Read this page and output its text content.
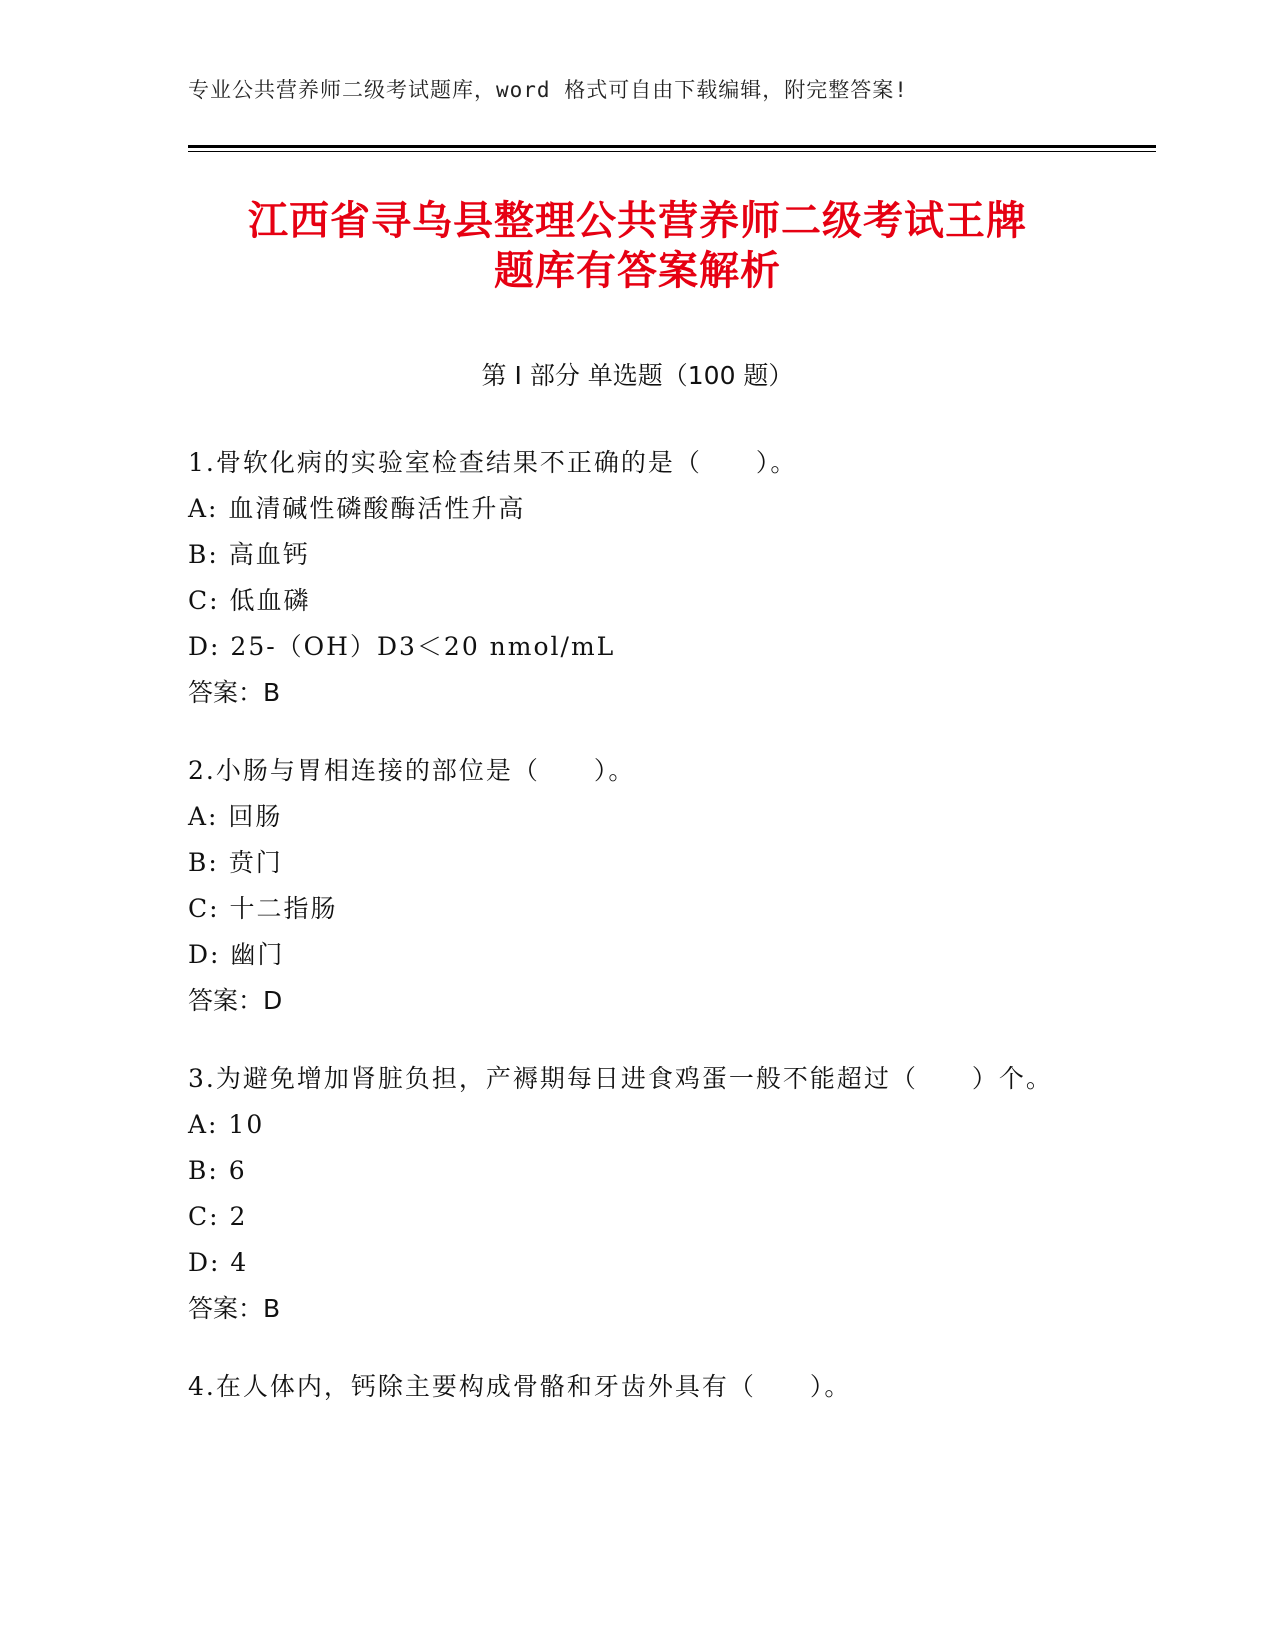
专业公共营养师二级考试题库，word 格式可自由下载编辑，附完整答案!
江西省寻乌县整理公共营养师二级考试王牌
题库有答案解析
第 I 部分 单选题（100 题）
1.骨软化病的实验室检查结果不正确的是（　　）。
A: 血清碱性磷酸酶活性升高
B: 高血钙
C: 低血磷
D: 25-（OH）D3＜20 nmol/mL
答案：B
2.小肠与胃相连接的部位是（　　）。
A: 回肠
B: 贲门
C: 十二指肠
D: 幽门
答案：D
3.为避免增加肾脏负担，产褥期每日进食鸡蛋一般不能超过（　　）个。
A: 10
B: 6
C: 2
D: 4
答案：B
4.在人体内，钙除主要构成骨骼和牙齿外具有（　　）。
